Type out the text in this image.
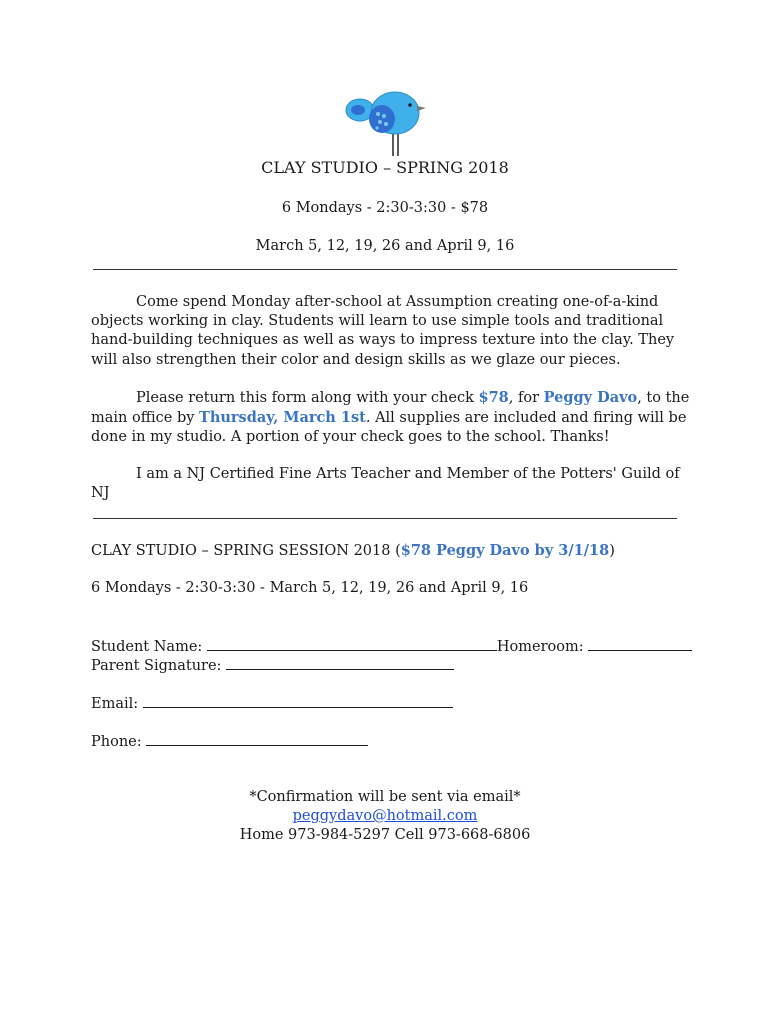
CLAY STUDIO – SPRING 2018
6 Mondays - 2:30-3:30 - $78
March 5, 12, 19, 26 and April 9, 16
Come spend Monday after-school at Assumption creating one-of-a-kind objects working in clay. Students will learn to use simple tools and traditional hand-building techniques as well as ways to impress texture into the clay. They will also strengthen their color and design skills as we glaze our pieces.
Please return this form along with your check $78, for Peggy Davo, to the main office by Thursday, March 1st. All supplies are included and firing will be done in my studio. A portion of your check goes to the school. Thanks!
I am a NJ Certified Fine Arts Teacher and Member of the Potters' Guild of NJ
CLAY STUDIO – SPRING SESSION 2018 ($78 Peggy Davo by 3/1/18)
6 Mondays - 2:30-3:30 - March 5, 12, 19, 26 and April 9, 16
Student Name:	Homeroom:
Parent Signature:
Email:
Phone:
*Confirmation will be sent via email*
peggydavo@hotmail.com
Home 973-984-5297 Cell 973-668-6806
